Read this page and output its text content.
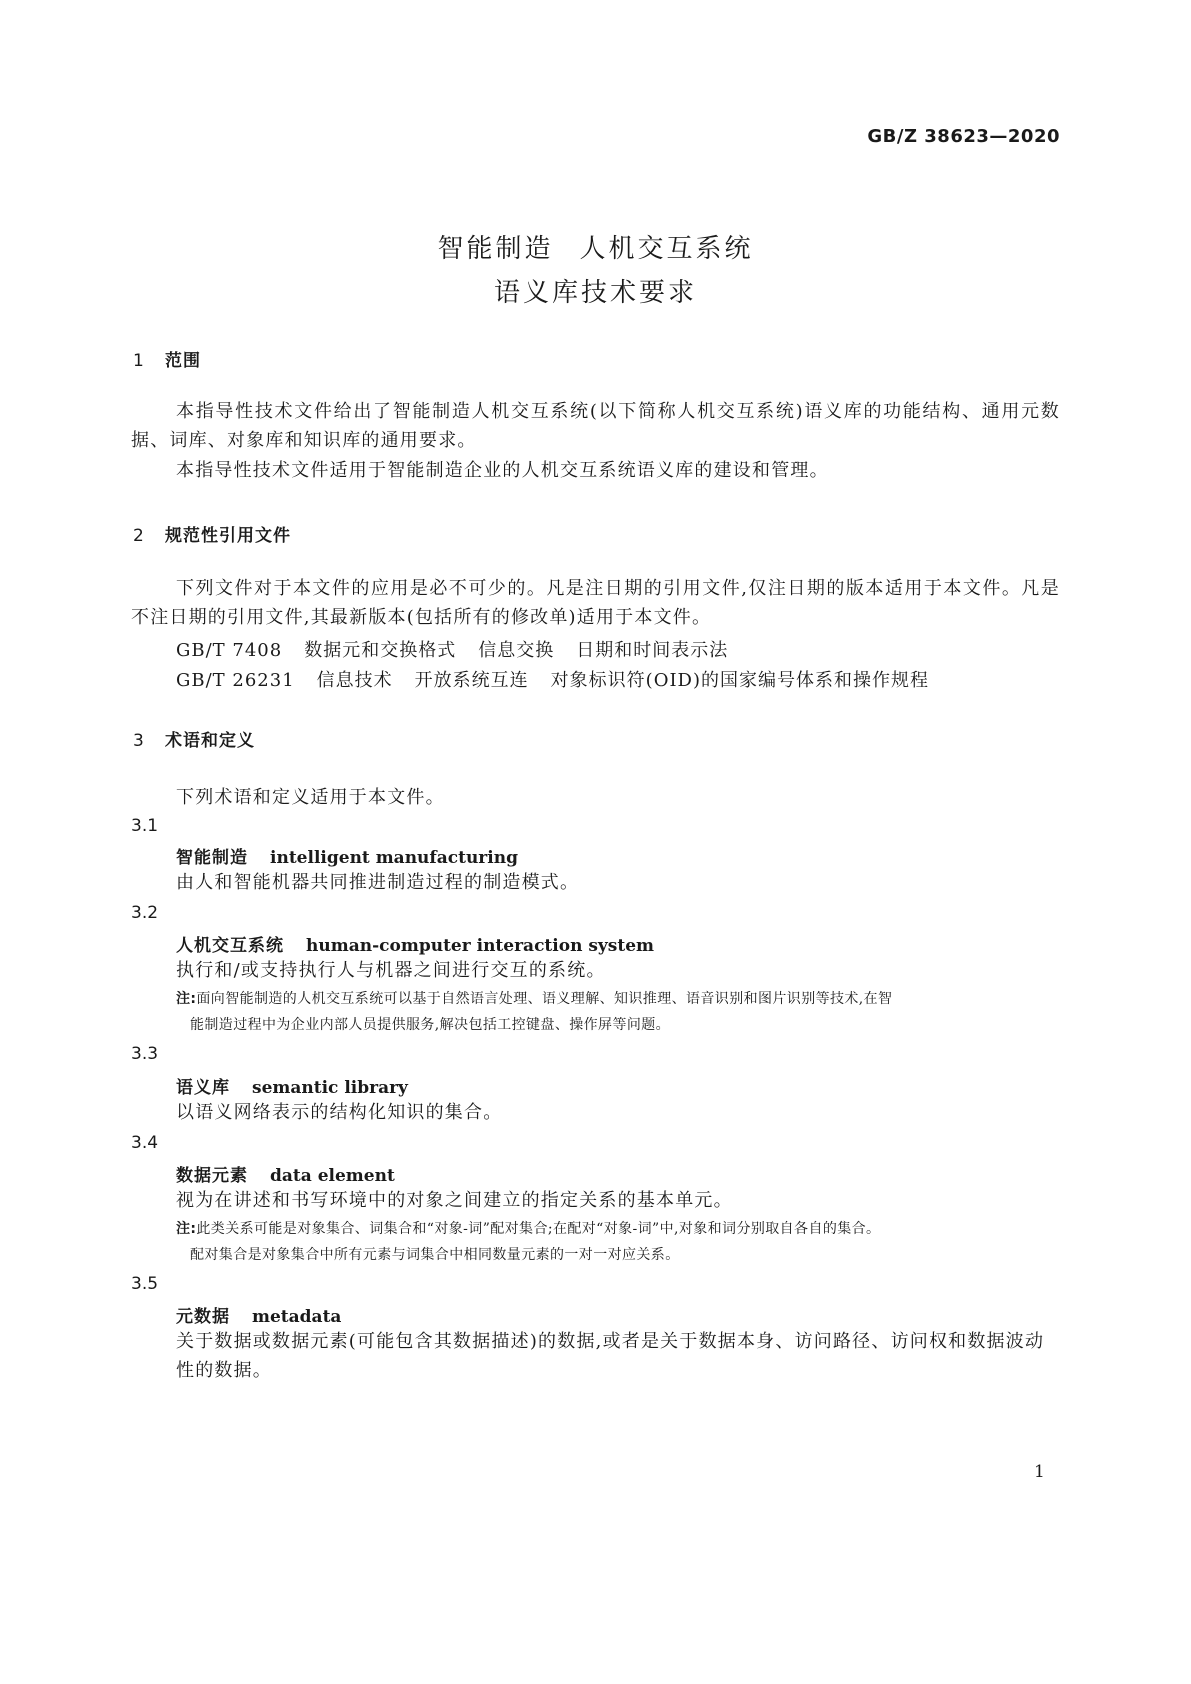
GB/Z 38623—2020
智能制造 人机交互系统
语义库技术要求
1 范围
本指导性技术文件给出了智能制造人机交互系统(以下简称人机交互系统)语义库的功能结构、通用元数据、词库、对象库和知识库的通用要求。
本指导性技术文件适用于智能制造企业的人机交互系统语义库的建设和管理。
2 规范性引用文件
下列文件对于本文件的应用是必不可少的。凡是注日期的引用文件,仅注日期的版本适用于本文件。凡是不注日期的引用文件,其最新版本(包括所有的修改单)适用于本文件。
GB/T 7408 数据元和交换格式 信息交换 日期和时间表示法
GB/T 26231 信息技术 开放系统互连 对象标识符(OID)的国家编号体系和操作规程
3 术语和定义
下列术语和定义适用于本文件。
3.1
智能制造 intelligent manufacturing
由人和智能机器共同推进制造过程的制造模式。
3.2
人机交互系统 human-computer interaction system
执行和/或支持执行人与机器之间进行交互的系统。
注:面向智能制造的人机交互系统可以基于自然语言处理、语义理解、知识推理、语音识别和图片识别等技术,在智
能制造过程中为企业内部人员提供服务,解决包括工控键盘、操作屏等问题。
3.3
语义库 semantic library
以语义网络表示的结构化知识的集合。
3.4
数据元素 data element
视为在讲述和书写环境中的对象之间建立的指定关系的基本单元。
注:此类关系可能是对象集合、词集合和“对象-词”配对集合;在配对“对象-词”中,对象和词分别取自各自的集合。
配对集合是对象集合中所有元素与词集合中相同数量元素的一对一对应关系。
3.5
元数据 metadata
关于数据或数据元素(可能包含其数据描述)的数据,或者是关于数据本身、访问路径、访问权和数据波动性的数据。
1
